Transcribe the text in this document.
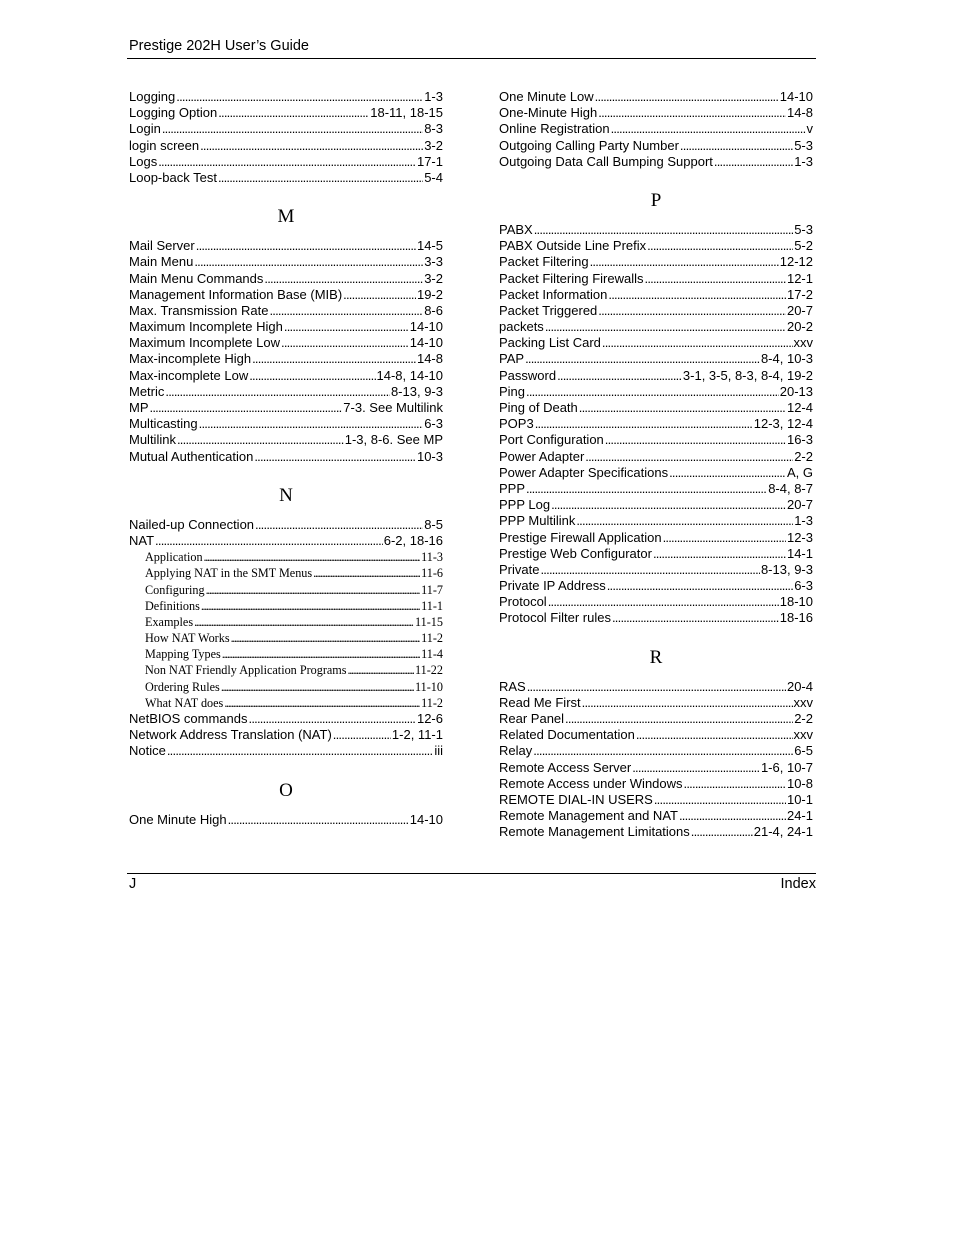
Prestige 202H User’s Guide
Logging . . .	1-3
Logging Option . . .	18-11, 18-15
Login . . .	8-3
login screen . . .	3-2
Logs . . .	17-1
Loop-back Test . . .	5-4
M
Mail Server . . .	14-5
Main Menu . . .	3-3
Main Menu Commands . . .	3-2
Management Information Base (MIB) . . .	19-2
Max. Transmission Rate . . .	8-6
Maximum Incomplete High . . .	14-10
Maximum Incomplete Low . . .	14-10
Max-incomplete High . . .	14-8
Max-incomplete Low . . .	14-8, 14-10
Metric . . .	8-13, 9-3
MP . . .	7-3. See Multilink
Multicasting . . .	6-3
Multilink . . .	1-3, 8-6. See MP
Mutual Authentication . . .	10-3
N
Nailed-up Connection . . .	8-5
NAT . . .	6-2, 18-16
Application . . .	11-3
Applying NAT in the SMT Menus . . .	11-6
Configuring . . .	11-7
Definitions . . .	11-1
Examples . . .	11-15
How NAT Works . . .	11-2
Mapping Types . . .	11-4
Non NAT Friendly Application Programs . . .	11-22
Ordering Rules . . .	11-10
What NAT does . . .	11-2
NetBIOS commands . . .	12-6
Network Address Translation (NAT) . . .	1-2, 11-1
Notice . . .	iii
O
One Minute High . . .	14-10
One Minute Low . . .	14-10
One-Minute High . . .	14-8
Online Registration . . .	v
Outgoing Calling Party Number . . .	5-3
Outgoing Data Call Bumping Support . . .	1-3
P
PABX . . .	5-3
PABX Outside Line Prefix . . .	5-2
Packet Filtering . . .	12-12
Packet Filtering Firewalls . . .	12-1
Packet Information . . .	17-2
Packet Triggered . . .	20-7
packets . . .	20-2
Packing List Card . . .	xxv
PAP . . .	8-4, 10-3
Password . . .	3-1, 3-5, 8-3, 8-4, 19-2
Ping . . .	20-13
Ping of Death . . .	12-4
POP3 . . .	12-3, 12-4
Port Configuration . . .	16-3
Power Adapter . . .	2-2
Power Adapter Specifications . . .	A, G
PPP . . .	8-4, 8-7
PPP Log . . .	20-7
PPP Multilink . . .	1-3
Prestige Firewall Application . . .	12-3
Prestige Web Configurator . . .	14-1
Private . . .	8-13, 9-3
Private IP Address . . .	6-3
Protocol . . .	18-10
Protocol Filter rules . . .	18-16
R
RAS . . .	20-4
Read Me First . . .	xxv
Rear Panel . . .	2-2
Related Documentation . . .	xxv
Relay . . .	6-5
Remote Access Server . . .	1-6, 10-7
Remote Access under Windows . . .	10-8
REMOTE DIAL-IN USERS . . .	10-1
Remote Management and NAT . . .	24-1
Remote Management Limitations . . .	21-4, 24-1
J	Index
